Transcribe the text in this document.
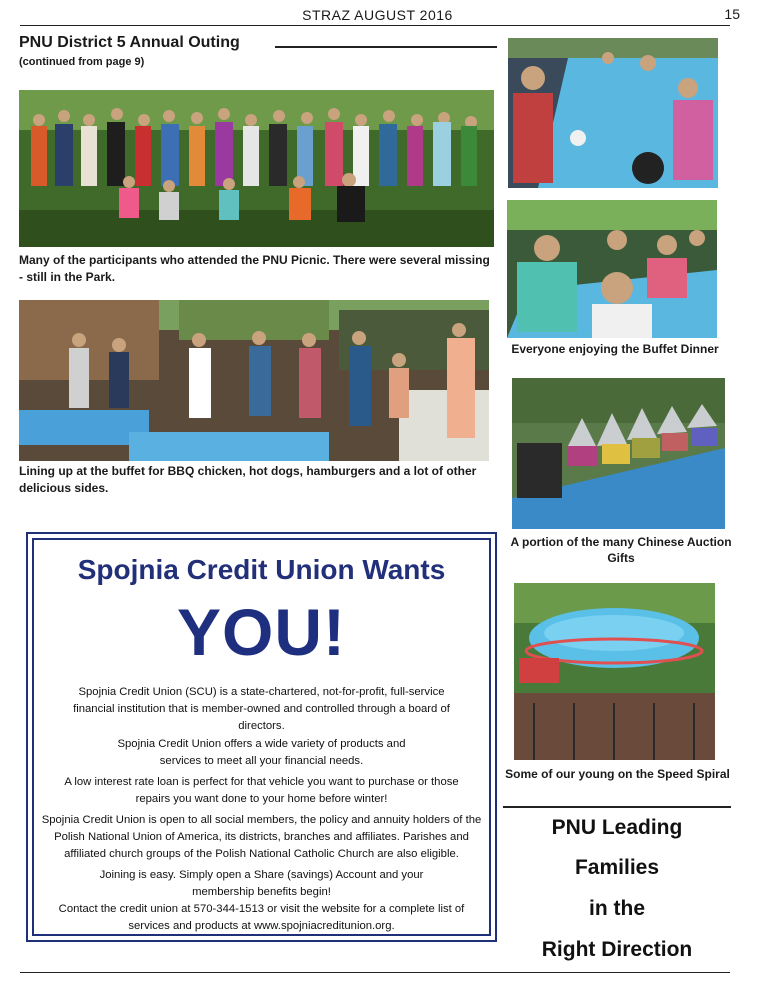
STRAZ AUGUST 2016	15
PNU District 5 Annual Outing
(continued from page 9)
Many of the participants who attended the PNU Picnic. There were several missing - still in the Park.
Lining up at the buffet for BBQ chicken, hot dogs, hamburgers and a lot of other delicious sides.
Everyone enjoying the Buffet Dinner
A portion of the many Chinese Auction Gifts
Some of our young on the Speed Spiral
Spojnia Credit Union Wants
YOU!
Spojnia Credit Union (SCU) is a state-chartered, not-for-profit, full-service financial institution that is member-owned and controlled through a board of directors.
Spojnia Credit Union offers a wide variety of products and services to meet all your financial needs.
A low interest rate loan is perfect for that vehicle you want to purchase or those repairs you want done to your home before winter!
Spojnia Credit Union is open to all social members, the policy and annuity holders of the Polish National Union of America, its districts, branches and affiliates. Parishes and affiliated church groups of the Polish National Catholic Church are also eligible.
Joining is easy. Simply open a Share (savings) Account and your membership benefits begin!
Contact the credit union at 570-344-1513 or visit the website for a complete list of services and products at www.spojniacreditunion.org.
PNU Leading
Families
in the
Right Direction
